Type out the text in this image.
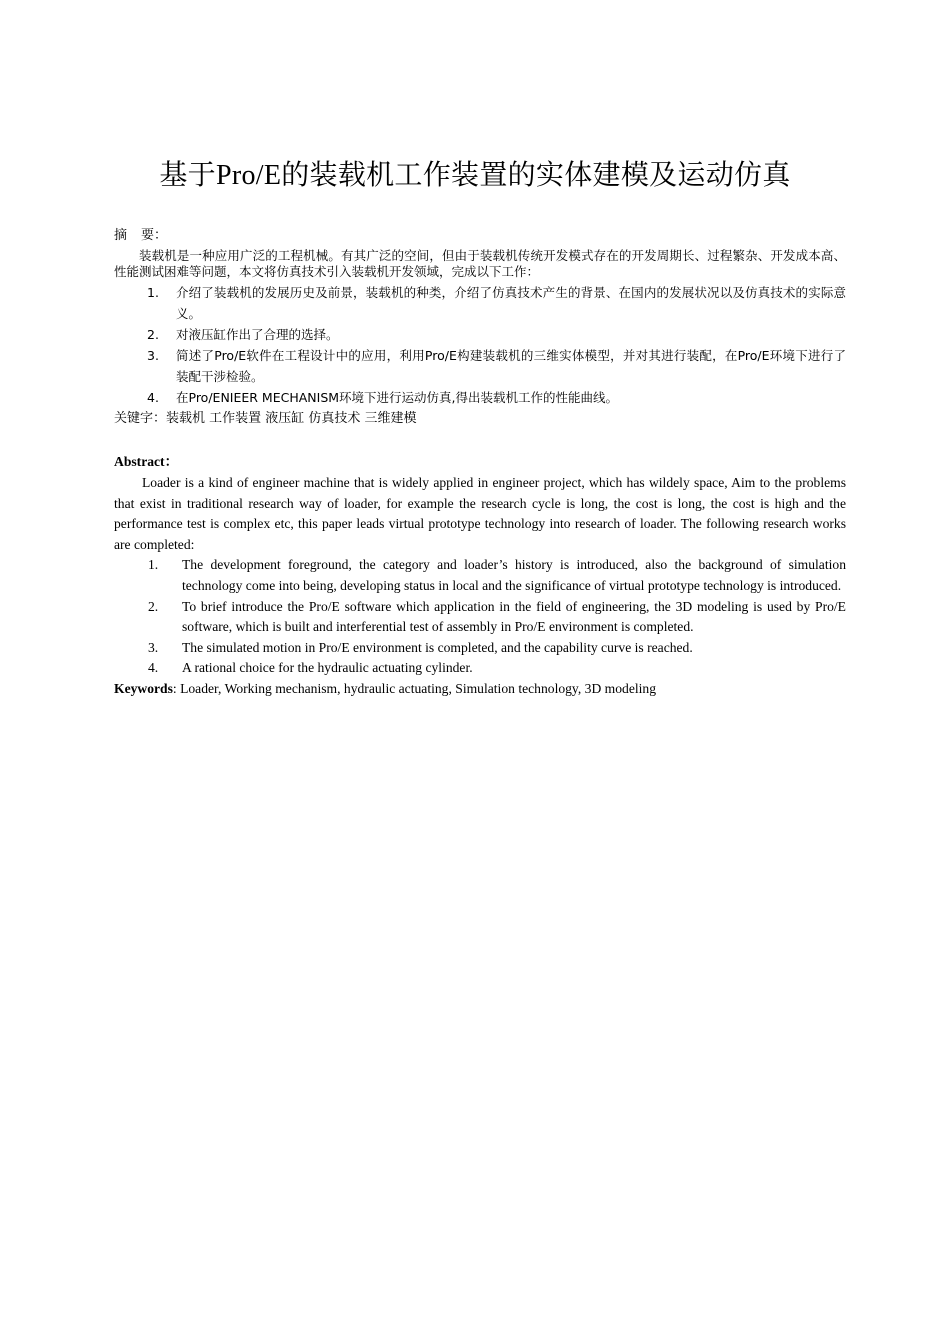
基于Pro/E的装载机工作装置的实体建模及运动仿真
摘 要：

装载机是一种应用广泛的工程机械。有其广泛的空间，但由于装载机传统开发模式存在的开发周期长、过程繁杂、开发成本高、性能测试困难等问题，本文将仿真技术引入装载机开发领域，完成以下工作：

1. 介绍了装载机的发展历史及前景，装载机的种类，介绍了仿真技术产生的背景、在国内的发展状况以及仿真技术的实际意义。
2. 对液压缸作出了合理的选择。
3. 简述了Pro/E软件在工程设计中的应用，利用Pro/E构建装载机的三维实体模型，并对其进行装配，在Pro/E环境下进行了装配干涉检验。
4. 在Pro/ENIEER MECHANISM环境下进行运动仿真,得出装载机工作的性能曲线。
关键字：装载机 工作装置 液压缸 仿真技术 三维建模
Abstract：

Loader is a kind of engineer machine that is widely applied in engineer project, which has wildely space, Aim to the problems that exist in traditional research way of loader, for example the research cycle is long, the cost is long, the cost is high and the performance test is complex etc, this paper leads virtual prototype technology into research of loader. The following research works are completed:

1. The development foreground, the category and loader’s history is introduced, also the background of simulation technology come into being, developing status in local and the significance of virtual prototype technology is introduced.
2. To brief introduce the Pro/E software which application in the field of engineering, the 3D modeling is used by Pro/E software, which is built and interferential test of assembly in Pro/E environment is completed.
3. The simulated motion in Pro/E environment is completed, and the capability curve is reached.
4. A rational choice for the hydraulic actuating cylinder.
Keywords: Loader, Working mechanism, hydraulic actuating, Simulation technology, 3D modeling
